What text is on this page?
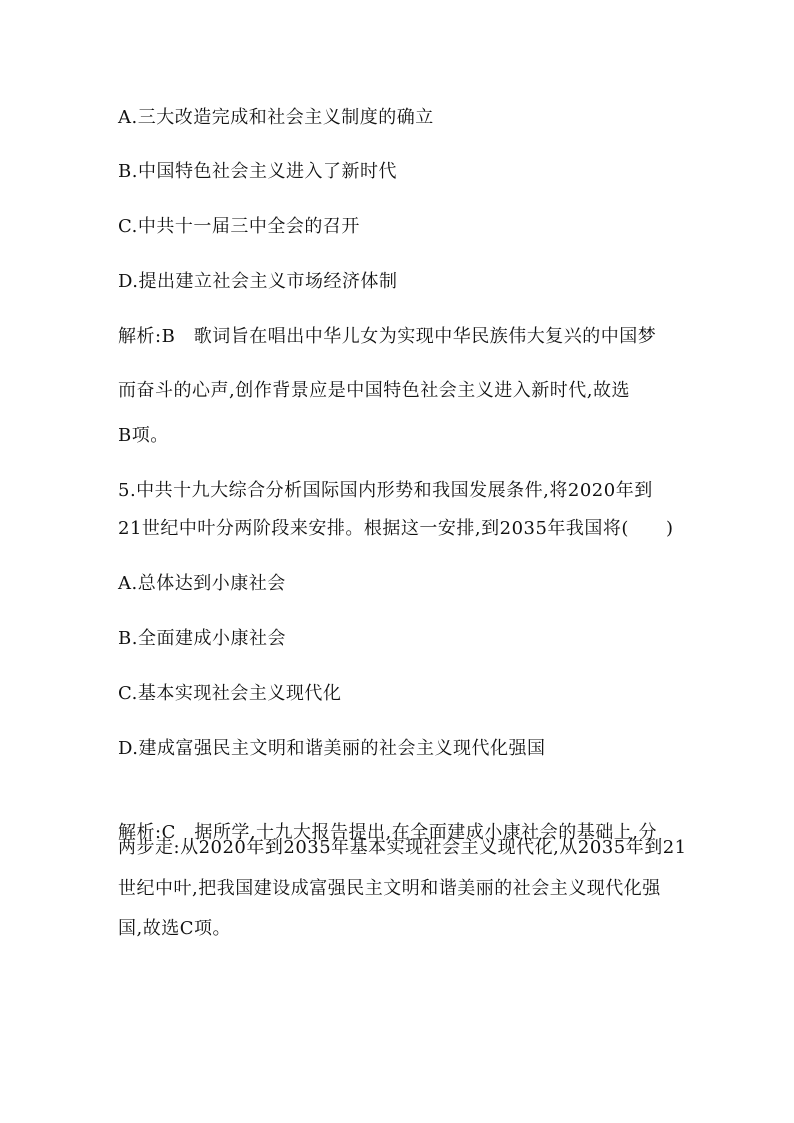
A.三大改造完成和社会主义制度的确立
B.中国特色社会主义进入了新时代
C.中共十一届三中全会的召开
D.提出建立社会主义市场经济体制
解析:B　歌词旨在唱出中华儿女为实现中华民族伟大复兴的中国梦
而奋斗的心声,创作背景应是中国特色社会主义进入新时代,故选
B项。
5.中共十九大综合分析国际国内形势和我国发展条件,将2020年到
21世纪中叶分两阶段来安排。根据这一安排,到2035年我国将(　　)
A.总体达到小康社会
B.全面建成小康社会
C.基本实现社会主义现代化
D.建成富强民主文明和谐美丽的社会主义现代化强国
解析:C　据所学,十九大报告提出,在全面建成小康社会的基础上,分
两步走:从2020年到2035年基本实现社会主义现代化,从2035年到21
世纪中叶,把我国建设成富强民主文明和谐美丽的社会主义现代化强
国,故选C项。
